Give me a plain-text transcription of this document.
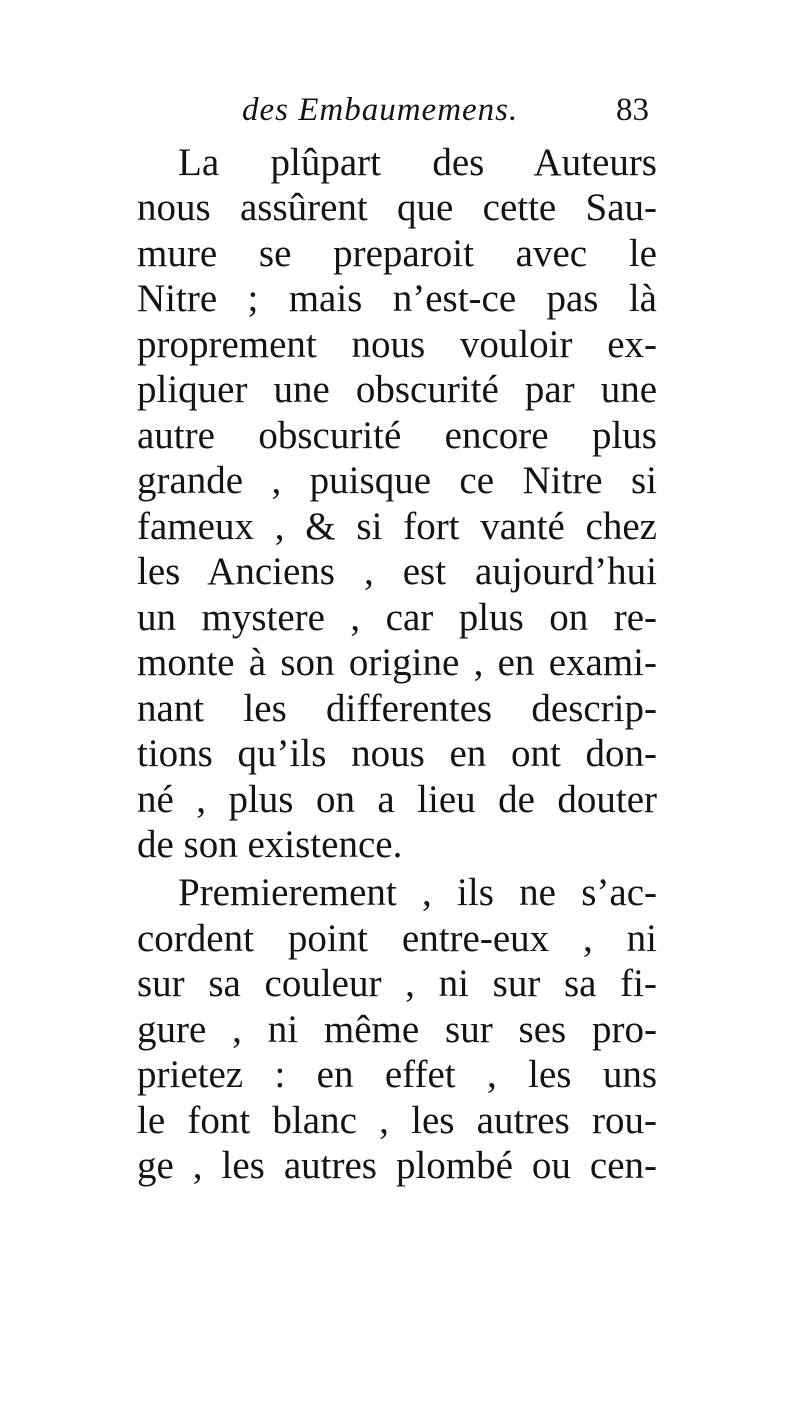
des Embaumemens.	83
La plûpart des Auteurs
nous assûrent que cette Sau-
mure se preparoit avec le
Nitre ; mais n’est-ce pas là
proprement nous vouloir ex-
pliquer une obscurité par une
autre obscurité encore plus
grande , puisque ce Nitre si
fameux , & si fort vanté chez
les Anciens , est aujourd’hui
un mystere , car plus on re-
monte à son origine , en exami-
nant les differentes descrip-
tions qu’ils nous en ont don-
né , plus on a lieu de douter
de son existence.
Premierement , ils ne s’ac-
cordent point entre-eux , ni
sur sa couleur , ni sur sa fi-
gure , ni même sur ses pro-
prietez : en effet , les uns
le font blanc , les autres rou-
ge , les autres plombé ou cen-
